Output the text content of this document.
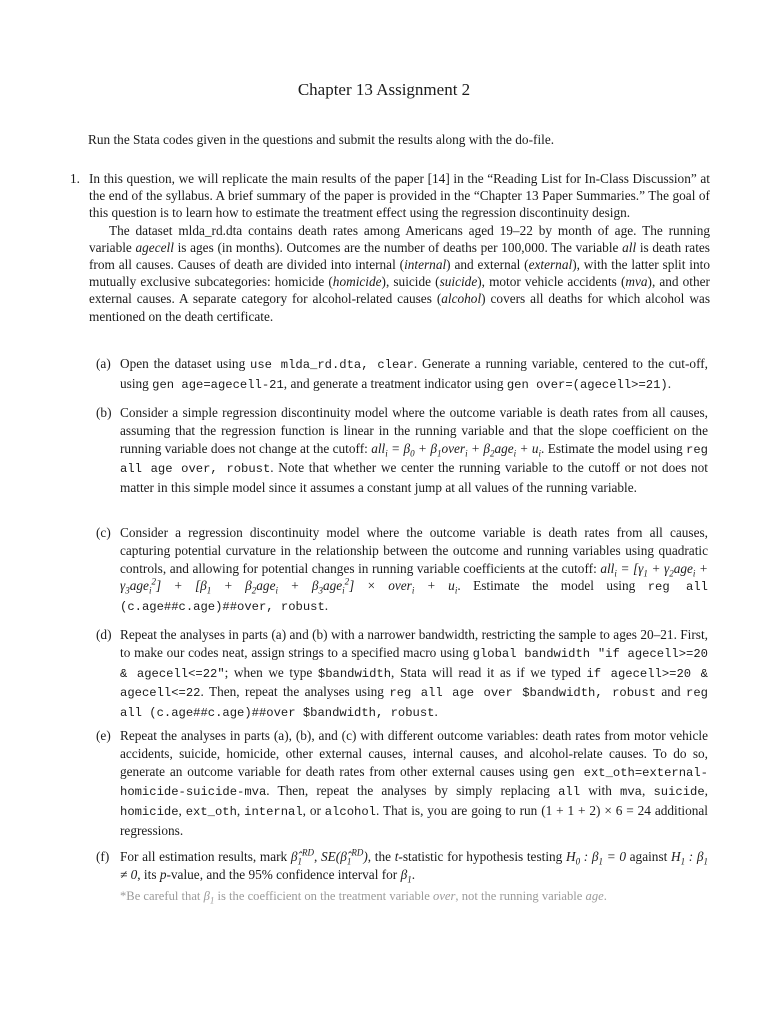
Chapter 13 Assignment 2
Run the Stata codes given in the questions and submit the results along with the do-file.
1. In this question, we will replicate the main results of the paper [14] in the “Reading List for In-Class Discussion” at the end of the syllabus. A brief summary of the paper is provided in the “Chapter 13 Paper Summaries.” The goal of this question is to learn how to estimate the treatment effect using the regression discontinuity design.

The dataset mlda_rd.dta contains death rates among Americans aged 19–22 by month of age. The running variable agecell is ages (in months). Outcomes are the number of deaths per 100,000. The variable all is death rates from all causes. Causes of death are divided into internal (internal) and external (external), with the latter split into mutually exclusive subcategories: homicide (homicide), suicide (suicide), motor vehicle accidents (mva), and other external causes. A separate category for alcohol-related causes (alcohol) covers all deaths for which alcohol was mentioned on the death certificate.

(a) Open the dataset using use mlda_rd.dta, clear. Generate a running variable, centered to the cut-off, using gen age=agecell-21, and generate a treatment indicator using gen over=(agecell>=21).
(b) Consider a simple regression discontinuity model where the outcome variable is death rates from all causes, assuming that the regression function is linear in the running variable and that the slope coefficient on the running variable does not change at the cutoff: $all_i = \beta_0$ + $\beta_1over_i + \beta_2age_i + u_i$. Estimate the model using reg all age over, robust. Note that whether we center the running variable to the cutoff or not does not matter in this simple model since it assumes a constant jump at all values of the running variable.
(c) Consider a regression discontinuity model where the outcome variable is death rates from all causes, capturing potential curvature in the relationship between the outcome and running variables using quadratic controls, and allowing for potential changes in running variable coefficients at the cutoff: $all_i = [\gamma_1 + \gamma_2age_i + \gamma_3age_i^2] + [\beta_1 + \beta_2age_i + \beta_3age_i^2]$ × over$_i$ + $u_i$. Estimate the model using reg all (c.age##c.age)##over, robust.
(d) Repeat the analyses in parts (a) and (b) with a narrower bandwidth, restricting the sample to ages 20–21. First, to make our codes neat, assign strings to a specified macro using global bandwidth "if agecell>=20 & agecell<=22"; when we type $bandwidth, Stata will read it as if we typed if agecell>=20 & agecell<=22. Then, repeat the analyses using reg all age over $bandwidth, robust and reg all (c.age##c.age)##over $bandwidth, robust.
(e) Repeat the analyses in parts (a), (b), and (c) with different outcome variables: death rates from motor vehicle accidents, suicide, homicide, other external causes, internal causes, and alcohol-relate causes. To do so, generate an outcome variable for death rates from other external causes using gen ext_oth=external-homicide-suicide-mva. Then, repeat the analyses by simply replacing all with mva, suicide, homicide, ext_oth, internal, or alcohol. That is, you are going to run (1 + 1 + 2) × 6 = 24 additional regressions.
(f) For all estimation results, mark $\betâ_1^{RD}$, $SE(\betâ_1^{RD})$, the t-statistic for hypothesis testing $H_0$ : $\beta_1 = 0$ against $H_1$ : $\beta_1 \ne 0$, its p-value, and the 95% confidence interval for $\beta_1$.
*Be careful that $\beta_1$ is the coefficient on the treatment variable over, not the running variable age.
